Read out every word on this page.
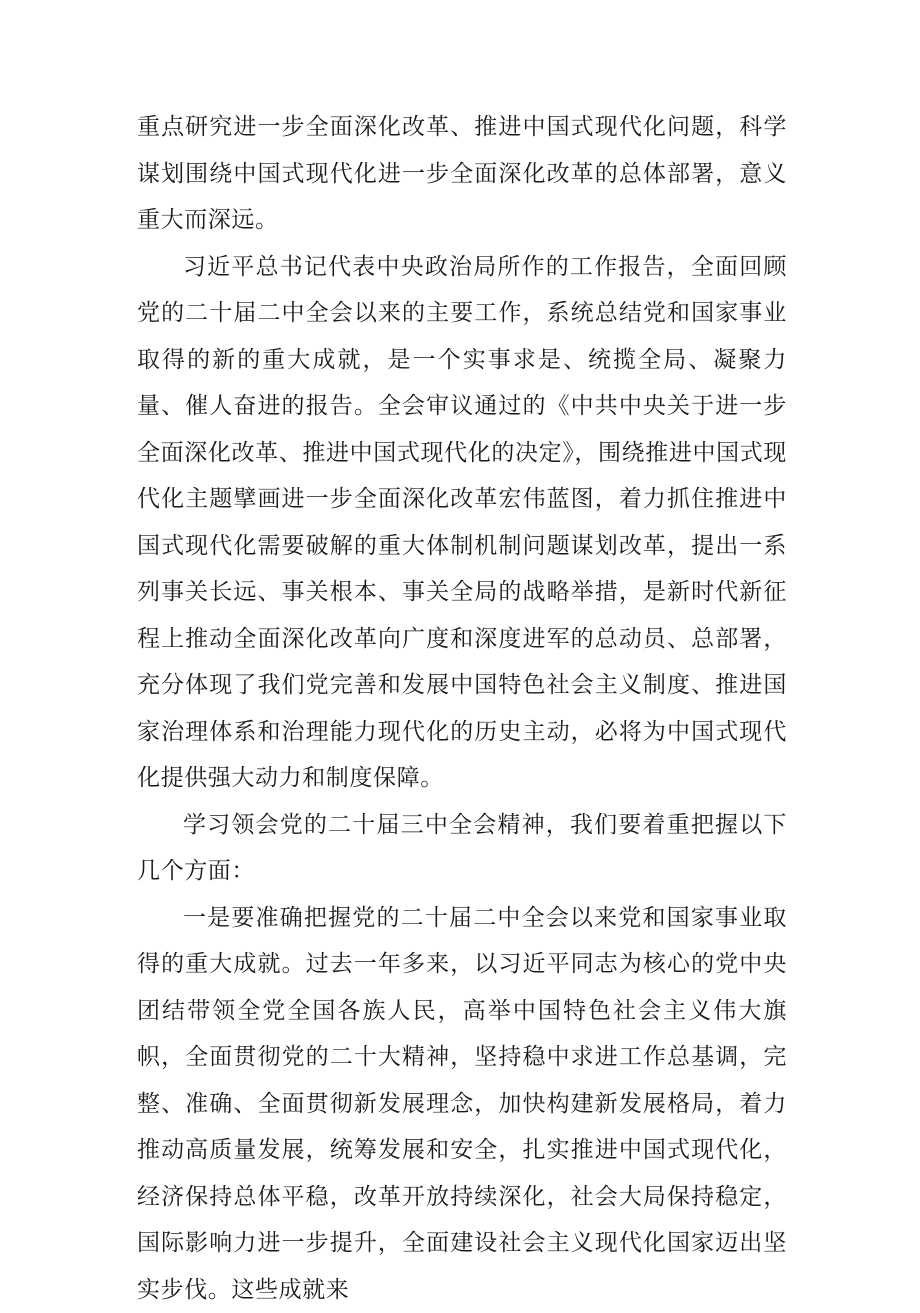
重点研究进一步全面深化改革、推进中国式现代化问题，科学谋划围绕中国式现代化进一步全面深化改革的总体部署，意义重大而深远。

习近平总书记代表中央政治局所作的工作报告，全面回顾党的二十届二中全会以来的主要工作，系统总结党和国家事业取得的新的重大成就，是一个实事求是、统揽全局、凝聚力量、催人奋进的报告。全会审议通过的《中共中央关于进一步全面深化改革、推进中国式现代化的决定》，围绕推进中国式现代化主题擘画进一步全面深化改革宏伟蓝图，着力抓住推进中国式现代化需要破解的重大体制机制问题谋划改革，提出一系列事关长远、事关根本、事关全局的战略举措，是新时代新征程上推动全面深化改革向广度和深度进军的总动员、总部署，充分体现了我们党完善和发展中国特色社会主义制度、推进国家治理体系和治理能力现代化的历史主动，必将为中国式现代化提供强大动力和制度保障。

学习领会党的二十届三中全会精神，我们要着重把握以下几个方面：

一是要准确把握党的二十届二中全会以来党和国家事业取得的重大成就。过去一年多来，以习近平同志为核心的党中央团结带领全党全国各族人民，高举中国特色社会主义伟大旗帜，全面贯彻党的二十大精神，坚持稳中求进工作总基调，完整、准确、全面贯彻新发展理念，加快构建新发展格局，着力推动高质量发展，统筹发展和安全，扎实推进中国式现代化，经济保持总体平稳，改革开放持续深化，社会大局保持稳定，国际影响力进一步提升，全面建设社会主义现代化国家迈出坚实步伐。这些成就来
